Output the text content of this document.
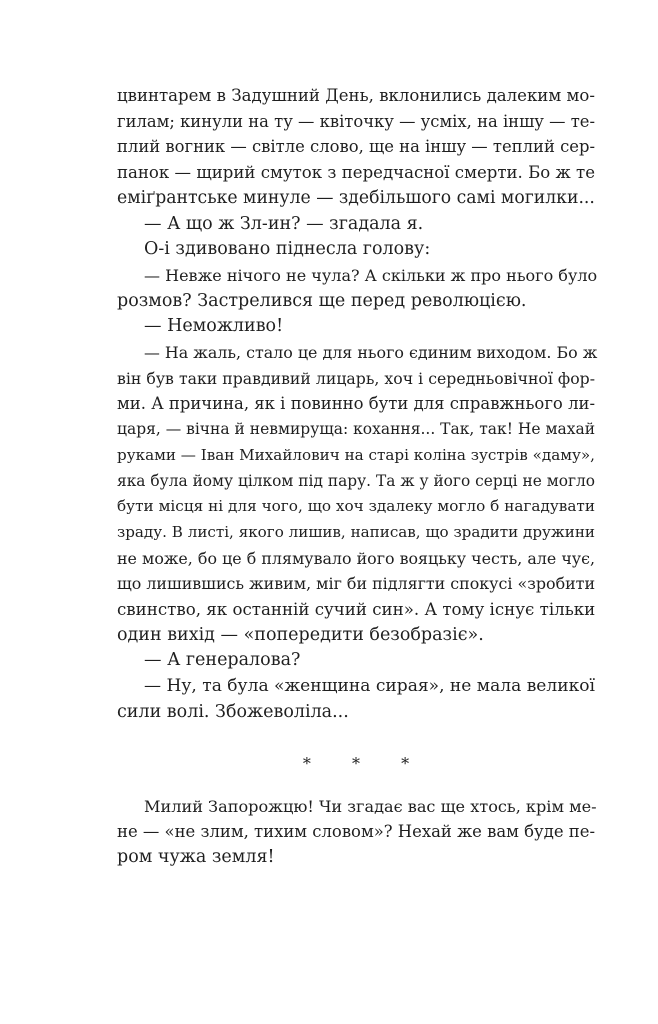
цвинтарем в Задушний День, вклонились далеким мо-
гилам; кинули на ту — квіточку — усміх, на іншу — те-
плий вогник — світле слово, ще на іншу — теплий сер-
панок — щирий смуток з передчасної смерти. Бо ж те
еміґрантське минуле — здебільшого самі могилки...
— А що ж Зл-ин? — згадала я.
О-і здивовано піднесла голову:
— Невже нічого не чула? А скільки ж про нього було
розмов? Застрелився ще перед революцією.
— Неможливо!
— На жаль, стало це для нього єдиним виходом. Бо ж
він був таки правдивий лицарь, хоч і середньовічної фор-
ми. А причина, як і повинно бути для справжнього ли-
царя, — вічна й невмируща: кохання... Так, так! Не махай
руками — Іван Михайлович на старі коліна зустрів «даму»,
яка була йому цілком під пару. Та ж у його серці не могло
бути місця ні для чого, що хоч здалеку могло б нагадувати
зраду. В листі, якого лишив, написав, що зрадити дружини
не може, бо це б плямувало його вояцьку честь, але чує,
що лишившись живим, міг би підлягти спокусі «зробити
свинство, як останній сучий син». А тому існує тільки
один вихід — «попередити безобразіє».
— А генералова?
— Ну, та була «женщина сирая», не мала великої
сили волі. Збожеволіла...
* * *
Милий Запорожцю! Чи згадає вас ще хтось, крім ме-
не — «не злим, тихим словом»? Нехай же вам буде пе-
ром чужа земля!
